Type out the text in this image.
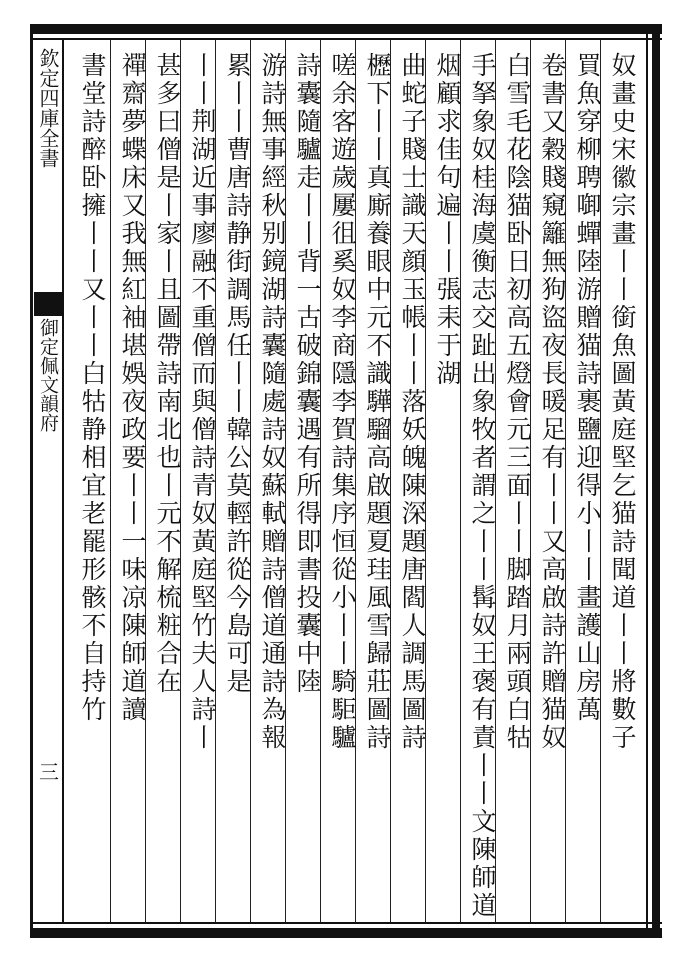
欽定四庫全書
御定佩文韻府
三
奴畫史宋徽宗畫丨丨銜魚圖黃庭堅乞猫詩聞道丨丨將數子
買魚穿柳聘啣蟬陸游贈猫詩裹鹽迎得小丨丨畫護山房萬
卷書又穀賤窺籬無狗盜夜長暖足有丨丨又高啟詩許贈猫奴
白雪毛花陰猫卧日初高五燈會元三面丨丨脚踏月兩頭白牯
手拏象奴桂海虞衡志交趾出象牧者謂之丨丨髯奴王褒有責丨丨文陳師道
烟顧求佳句遍丨丨張耒于湖
曲蛇子賤士識天顔玉帳丨丨落妖魄陳深題唐閻人調馬圖詩
櫪下丨丨真廝養眼中元不識驊騮高啟題夏珪風雪歸莊圖詩
嗟余客遊歲屢徂奚奴李商隱李賀詩集序恒從小丨丨騎駏驢
詩囊隨驢走丨丨背一古破錦囊遇有所得即書投囊中陸
游詩無事經秋别鏡湖詩囊隨處詩奴蘇軾贈詩僧道通詩為報
累丨丨曹唐詩静街調馬任丨丨韓公莫輕許從今島可是
丨丨荆湖近事廖融不重僧而與僧詩青奴黃庭堅竹夫人詩丨
甚多曰僧是丨家丨且圖帶詩南北也丨元不解梳粧合在
禪齋夢蝶床又我無紅袖堪娛夜政要丨丨一味凉陳師道讀
書堂詩醉卧擁丨丨又丨丨白牯静相宜老罷形骸不自持竹
